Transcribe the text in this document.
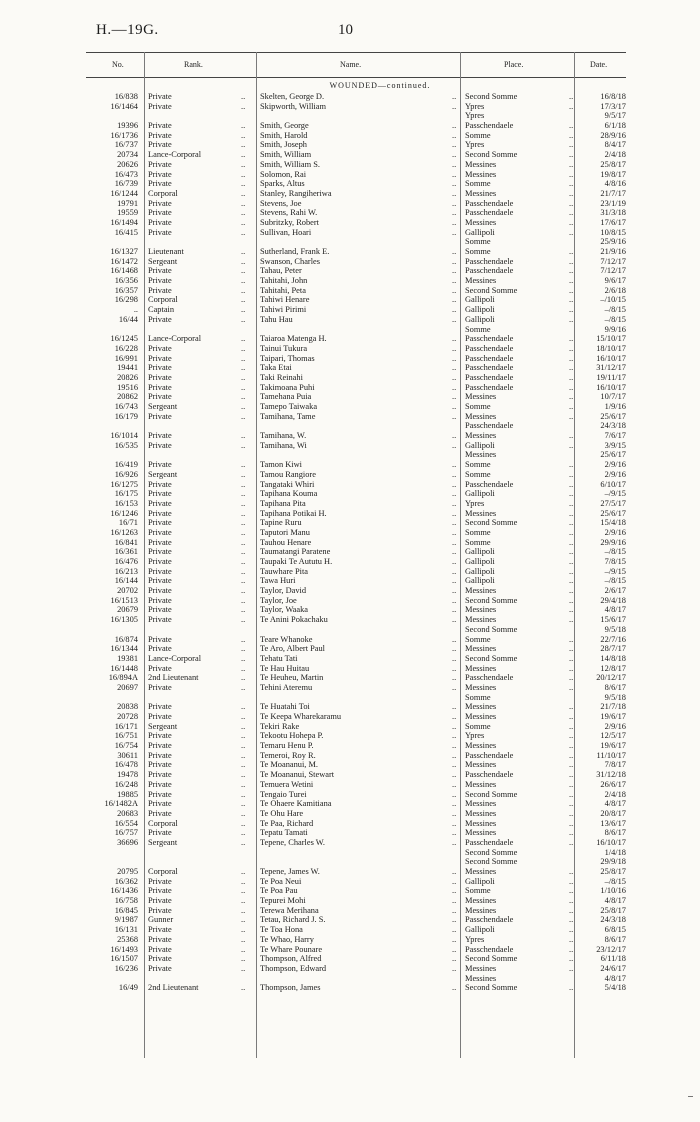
H.—19G.	10
No.	Rank.	Name.	Place.	Date.
WOUNDED—continued.
16/838 Private	Skelten, George D.	Second Somme	16/8/18
..	..	..
16/1464 Private	Skipworth, William	Ypres	17/3/17
..	..	..
Ypres	9/5/17
19396 Private	Smith, George	Passchendaele	6/1/18
..	..	..
16/1736 Private	Smith, Harold	Somme	28/9/16
..	..	..
16/737 Private	Smith, Joseph	Ypres	8/4/17
..	..	..
20734 Lance-Corporal	Smith, William	Second Somme	2/4/18
..	..	..
20626 Private	Smith, William S.	Messines	25/8/17
..	..	..
16/473 Private	Solomon, Rai	Messines	19/8/17
..	..	..
16/739 Private	Sparks, Altus	Somme	4/8/16
..	..	..
16/1244 Corporal	Stanley, Rangiheriwa	Messines	21/7/17
..	..	..
19791 Private	Stevens, Joe	Passchendaele	23/1/19
..	..	..
19559 Private	Stevens, Rahi W.	Passchendaele	31/3/18
..	..	..
16/1494 Private	Subritzky, Robert	Messines	17/6/17
..	..	..
16/415 Private	Sullivan, Hoari	Gallipoli	10/8/15
..	..	..
Somme	25/9/16
16/1327 Lieutenant	Sutherland, Frank E.	Somme	21/9/16
..	..	..
16/1472 Sergeant	Swanson, Charles	Passchendaele	7/12/17
..	..	..
16/1468 Private	Tahau, Peter	Passchendaele	7/12/17
..	..	..
16/356 Private	Tahitahi, John	Messines	9/6/17
..	..	..
16/357 Private	Tahitahi, Peta	Second Somme	2/6/18
..	..	..
16/298 Corporal	Tahiwi Henare	Gallipoli	–/10/15
..	..	..
.. Captain	Tahiwi Pirimi	Gallipoli	–/8/15
..	..	..
16/44 Private	Tahu Hau	Gallipoli	–/8/15
..	..	..
Somme	9/9/16
16/1245 Lance-Corporal	Taiaroa Matenga H.	Passchendaele	15/10/17
..	..	..
16/228 Private	Tainui Tukura	Passchendaele	18/10/17
..	..	..
16/991 Private	Taipari, Thomas	Passchendaele	16/10/17
..	..	..
19441 Private	Taka Etai	Passchendaele	31/12/17
..	..	..
20826 Private	Taki Reinahi	Passchendaele	19/11/17
..	..	..
19516 Private	Takimoana Puhi	Passchendaele	16/10/17
..	..	..
20862 Private	Tamehana Puia	Messines	10/7/17
..	..	..
16/743 Sergeant	Tamepo Taiwaka	Somme	1/9/16
..	..	..
16/179 Private	Tamihana, Tame	Messines	25/6/17
..	..	..
Passchendaele	24/3/18
16/1014 Private	Tamihana, W.	Messines	7/6/17
..	..	..
16/535 Private	Tamihana, Wi	Gallipoli	3/9/15
..	..	..
Messines	25/6/17
16/419 Private	Tamon Kiwi	Somme	2/9/16
..	..	..
16/926 Sergeant	Tamou Rangiore	Somme	2/9/16
..	..	..
16/1275 Private	Tangataki Whiri	Passchendaele	6/10/17
..	..	..
16/175 Private	Tapihana Kouma	Gallipoli	–/9/15
..	..	..
16/153 Private	Tapihana Pita	Ypres	27/5/17
..	..	..
16/1246 Private	Tapihana Potikai H.	Messines	25/6/17
..	..	..
16/71 Private	Tapine Ruru	Second Somme	15/4/18
..	..	..
16/1263 Private	Taputori Manu	Somme	2/9/16
..	..	..
16/841 Private	Tauhou Henare	Somme	29/9/16
..	..	..
16/361 Private	Taumatangi Paratene	Gallipoli	–/8/15
..	..	..
16/476 Private	Taupaki Te Aututu H.	Gallipoli	7/8/15
..	..	..
16/213 Private	Tauwhare Pita	Gallipoli	–/9/15
..	..	..
16/144 Private	Tawa Huri	Gallipoli	–/8/15
..	..	..
20702 Private	Taylor, David	Messines	2/6/17
..	..	..
16/1513 Private	Taylor, Joe	Second Somme	29/4/18
..	..	..
20679 Private	Taylor, Waaka	Messines	4/8/17
..	..	..
16/1305 Private	Te Anini Pokachaku	Messines	15/6/17
..	..	..
Second Somme	9/5/18
16/874 Private	Teare Whanoke	Somme	22/7/16
..	..	..
16/1344 Private	Te Aro, Albert Paul	Messines	28/7/17
..	..	..
19381 Lance-Corporal	Tehatu Tati	Second Somme	14/8/18
..	..	..
16/1448 Private	Te Hau Huitau	Messines	12/8/17
..	..	..
16/894A 2nd Lieutenant	Te Heuheu, Martin	Passchendaele	20/12/17
..	..	..
20697 Private	Tehini Ateremu	Messines	8/6/17
..	..	..
Somme	9/5/18
20838 Private	Te Huatahi Toi	Messines	21/7/18
..	..	..
20728 Private	Te Keepa Wharekaramu	Messines	19/6/17
..	..	..
16/171 Sergeant	Tekiri Rake	Somme	2/9/16
..	..	..
16/751 Private	Tekootu Hohepa P.	Ypres	12/5/17
..	..	..
16/754 Private	Temaru Henu P.	Messines	19/6/17
..	..	..
30611 Private	Temeroi, Roy R.	Passchendaele	11/10/17
..	..	..
16/478 Private	Te Moananui, M.	Messines	7/8/17
..	..	..
19478 Private	Te Moananui, Stewart	Passchendaele	31/12/18
..	..	..
16/248 Private	Temuera Wetini	Messines	26/6/17
..	..	..
19885 Private	Tengaio Turei	Second Somme	2/4/18
..	..	..
16/1482A Private	Te Ohaere Kamitiana	Messines	4/8/17
..	..	..
20683 Private	Te Ohu Hare	Messines	20/8/17
..	..	..
16/554 Corporal	Te Paa, Richard	Messines	13/6/17
..	..	..
16/757 Private	Tepatu Tamati	Messines	8/6/17
..	..	..
36696 Sergeant	Tepene, Charles W.	Passchendaele	16/10/17
..	..	..
Second Somme	1/4/18
Second Somme	29/9/18
20795 Corporal	Tepene, James W.	Messines	25/8/17
..	..	..
16/362 Private	Te Poa Neui	Gallipoli	–/8/15
..	..	..
16/1436 Private	Te Poa Pau	Somme	1/10/16
..	..	..
16/758 Private	Tepurei Mohi	Messines	4/8/17
..	..	..
16/845 Private	Terewa Merihana	Messines	25/8/17
..	..	..
9/1987 Gunner	Tetau, Richard J. S.	Passchendaele	24/3/18
..	..	..
16/131 Private	Te Toa Hona	Gallipoli	6/8/15
..	..	..
25368 Private	Te Whao, Harry	Ypres	8/6/17
..	..	..
16/1493 Private	Te Whare Pounare	Passchendaele	23/12/17
..	..	..
16/1507 Private	Thompson, Alfred	Second Somme	6/11/18
..	..	..
16/236 Private	Thompson, Edward	Messines	24/6/17
..	..	..
Messines	4/8/17
16/49 2nd Lieutenant	Thompson, James	Second Somme	5/4/18
..	..	..
